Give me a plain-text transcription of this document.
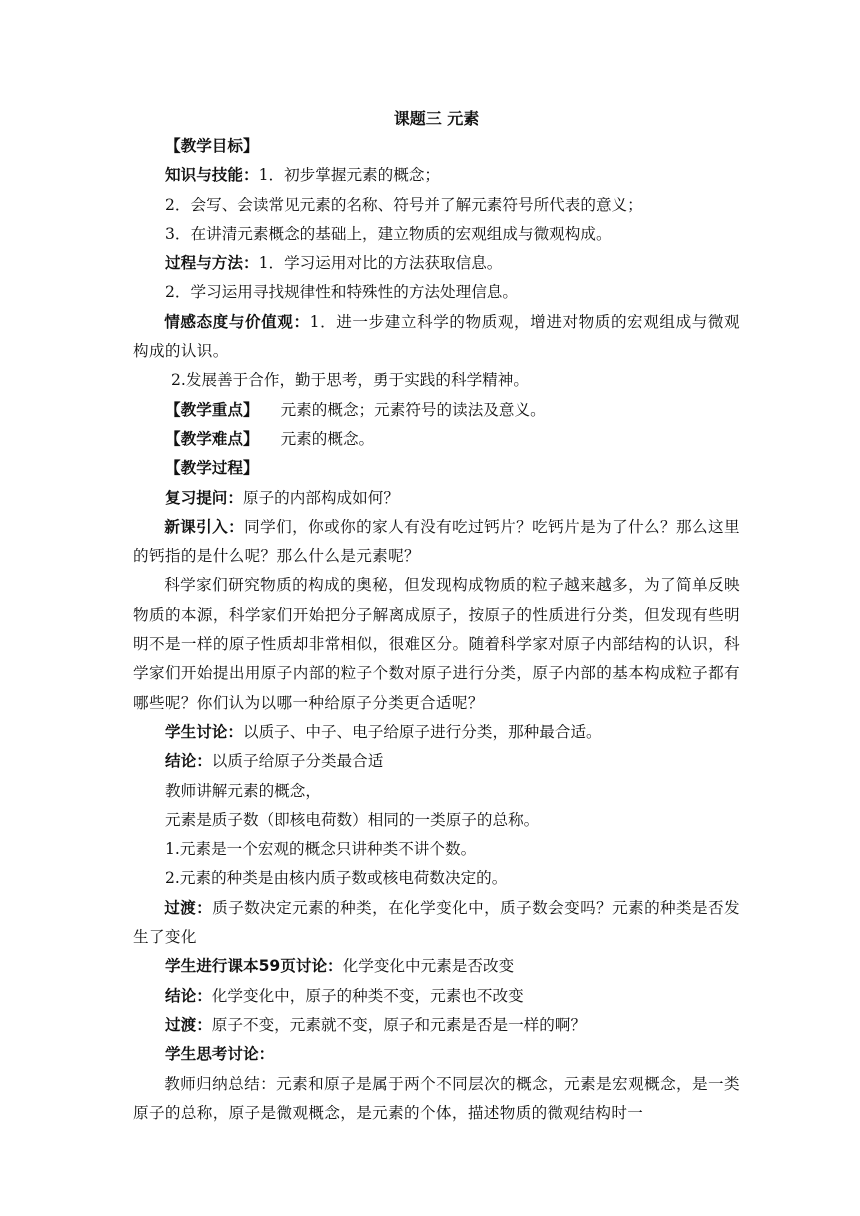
课题三 元素
【教学目标】
知识与技能：1．初步掌握元素的概念；
2．会写、会读常见元素的名称、符号并了解元素符号所代表的意义；
3．在讲清元素概念的基础上，建立物质的宏观组成与微观构成。
过程与方法：1．学习运用对比的方法获取信息。
2．学习运用寻找规律性和特殊性的方法处理信息。
情感态度与价值观：1．进一步建立科学的物质观，增进对物质的宏观组成与微观构成的认识。
2.发展善于合作，勤于思考，勇于实践的科学精神。
【教学重点】 元素的概念；元素符号的读法及意义。
【教学难点】 元素的概念。
【教学过程】
复习提问：原子的内部构成如何？
新课引入：同学们，你或你的家人有没有吃过钙片？吃钙片是为了什么？那么这里的钙指的是什么呢？那么什么是元素呢？
科学家们研究物质的构成的奥秘，但发现构成物质的粒子越来越多，为了简单反映物质的本源，科学家们开始把分子解离成原子，按原子的性质进行分类，但发现有些明明不是一样的原子性质却非常相似，很难区分。随着科学家对原子内部结构的认识，科学家们开始提出用原子内部的粒子个数对原子进行分类，原子内部的基本构成粒子都有哪些呢？你们认为以哪一种给原子分类更合适呢？
学生讨论：以质子、中子、电子给原子进行分类，那种最合适。
结论：以质子给原子分类最合适
教师讲解元素的概念，
元素是质子数（即核电荷数）相同的一类原子的总称。
1.元素是一个宏观的概念只讲种类不讲个数。
2.元素的种类是由核内质子数或核电荷数决定的。
过渡：质子数决定元素的种类，在化学变化中，质子数会变吗？元素的种类是否发生了变化
学生进行课本59页讨论：化学变化中元素是否改变
结论：化学变化中，原子的种类不变，元素也不改变
过渡：原子不变，元素就不变，原子和元素是否是一样的啊？
学生思考讨论：
教师归纳总结：元素和原子是属于两个不同层次的概念，元素是宏观概念，是一类原子的总称，原子是微观概念，是元素的个体，描述物质的微观结构时一
